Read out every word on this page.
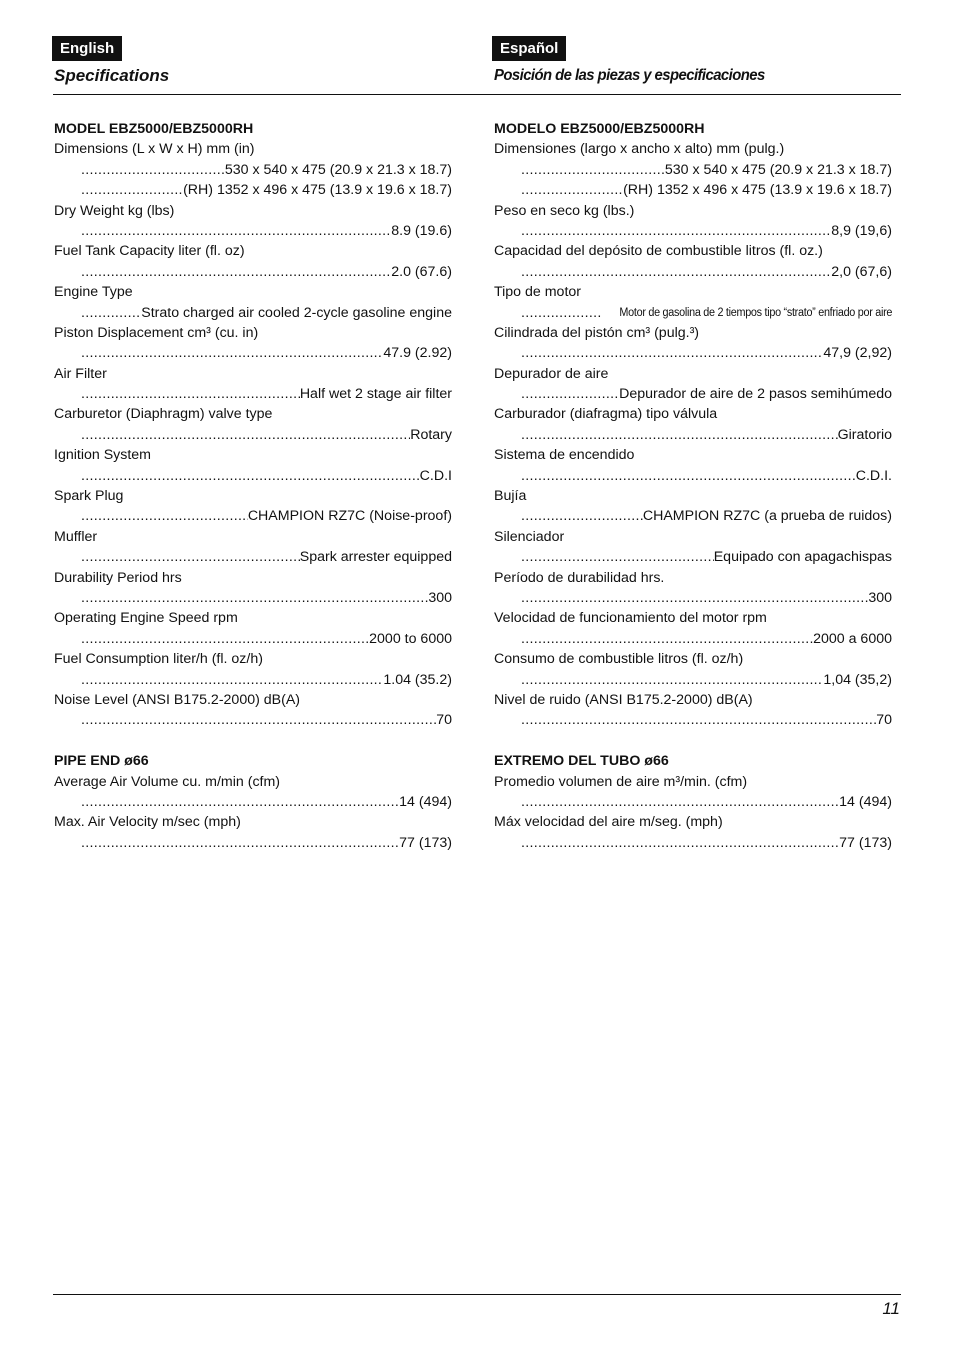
English
Specifications
Español
Posición de las piezas y especificaciones
MODEL EBZ5000/EBZ5000RH
Dimensions (L x W x H) mm (in)
.....
530 x 540 x 475 (20.9 x 21.3 x 18.7)
.....
(RH) 1352 x 496 x 475 (13.9 x 19.6 x 18.7)
Dry Weight kg (lbs)
.....
8.9 (19.6)
Fuel Tank Capacity liter (fl. oz)
.....
2.0 (67.6)
Engine Type
.....
Strato charged air cooled 2-cycle gasoline engine
Piston Displacement cm³ (cu. in)
.....
47.9 (2.92)
Air Filter
.....
Half wet 2 stage air filter
Carburetor (Diaphragm) valve type
.....
Rotary
Ignition System
.....
C.D.I
Spark Plug
.....
CHAMPION RZ7C (Noise-proof)
Muffler
.....
Spark arrester equipped
Durability Period hrs
.....
300
Operating Engine Speed rpm
.....
2000 to 6000
Fuel Consumption liter/h (fl. oz/h)
.....
1.04 (35.2)
Noise Level (ANSI B175.2-2000) dB(A)
.....
70
PIPE END ø66
Average Air Volume cu. m/min (cfm)
.....
14 (494)
Max. Air Velocity m/sec (mph)
.....
77 (173)
MODELO EBZ5000/EBZ5000RH
Dimensiones (largo x ancho x alto) mm (pulg.)
.....
530 x 540 x 475 (20.9 x 21.3 x 18.7)
.....
(RH) 1352 x 496 x 475 (13.9 x 19.6 x 18.7)
Peso en seco kg (lbs.)
.....
8,9 (19,6)
Capacidad del depósito de combustible litros (fl. oz.)
.....
2,0 (67,6)
Tipo de motor
.....
Motor de gasolina de 2 tiempos tipo “strato” enfriado por aire
Cilindrada del pistón cm³ (pulg.³)
.....
47,9 (2,92)
Depurador de aire
.....
Depurador de aire de 2 pasos semihúmedo
Carburador (diafragma) tipo válvula
.....
Giratorio
Sistema de encendido
.....
C.D.I.
Bujía
.....
CHAMPION RZ7C (a prueba de ruidos)
Silenciador
.....
Equipado con apagachispas
Período de durabilidad hrs.
.....
300
Velocidad de funcionamiento del motor rpm
.....
2000 a 6000
Consumo de combustible litros (fl. oz/h)
.....
1,04 (35,2)
Nivel de ruido (ANSI B175.2-2000) dB(A)
.....
70
EXTREMO DEL TUBO ø66
Promedio volumen de aire m³/min. (cfm)
.....
14 (494)
Máx velocidad del aire m/seg. (mph)
.....
77 (173)
11
